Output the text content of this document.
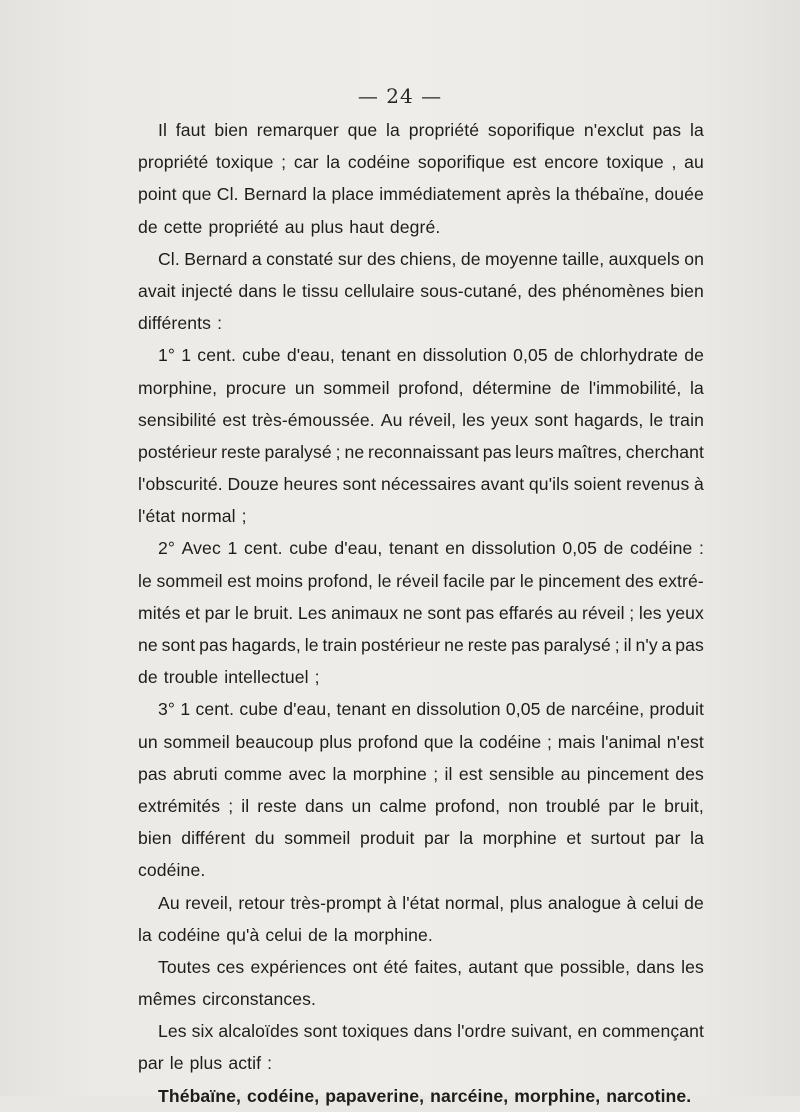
— 24 —
Il faut bien remarquer que la propriété soporifique n'exclut pas la
propriété toxique ; car la codéine soporifique est encore toxique , au
point que Cl. Bernard la place immédiatement après la thébaïne, douée
de cette propriété au plus haut degré.
Cl. Bernard a constaté sur des chiens, de moyenne taille, auxquels on
avait injecté dans le tissu cellulaire sous-cutané, des phénomènes bien
différents :
1° 1 cent. cube d'eau, tenant en dissolution 0,05 de chlorhydrate de
morphine, procure un sommeil profond, détermine de l'immobilité, la
sensibilité est très-émoussée. Au réveil, les yeux sont hagards, le train
postérieur reste paralysé ; ne reconnaissant pas leurs maîtres, cherchant
l'obscurité. Douze heures sont nécessaires avant qu'ils soient revenus à
l'état normal ;
2° Avec 1 cent. cube d'eau, tenant en dissolution 0,05 de codéine :
le sommeil est moins profond, le réveil facile par le pincement des extré-
mités et par le bruit. Les animaux ne sont pas effarés au réveil ; les yeux
ne sont pas hagards, le train postérieur ne reste pas paralysé ; il n'y a pas
de trouble intellectuel ;
3° 1 cent. cube d'eau, tenant en dissolution 0,05 de narcéine, produit
un sommeil beaucoup plus profond que la codéine ; mais l'animal n'est
pas abruti comme avec la morphine ; il est sensible au pincement des
extrémités ; il reste dans un calme profond, non troublé par le bruit,
bien différent du sommeil produit par la morphine et surtout par la
codéine.
Au reveil, retour très-prompt à l'état normal, plus analogue à celui de
la codéine qu'à celui de la morphine.
Toutes ces expériences ont été faites, autant que possible, dans les
mêmes circonstances.
Les six alcaloïdes sont toxiques dans l'ordre suivant, en commençant
par le plus actif :
Thébaïne, codéine, papaverine, narcéine, morphine, narcotine.
